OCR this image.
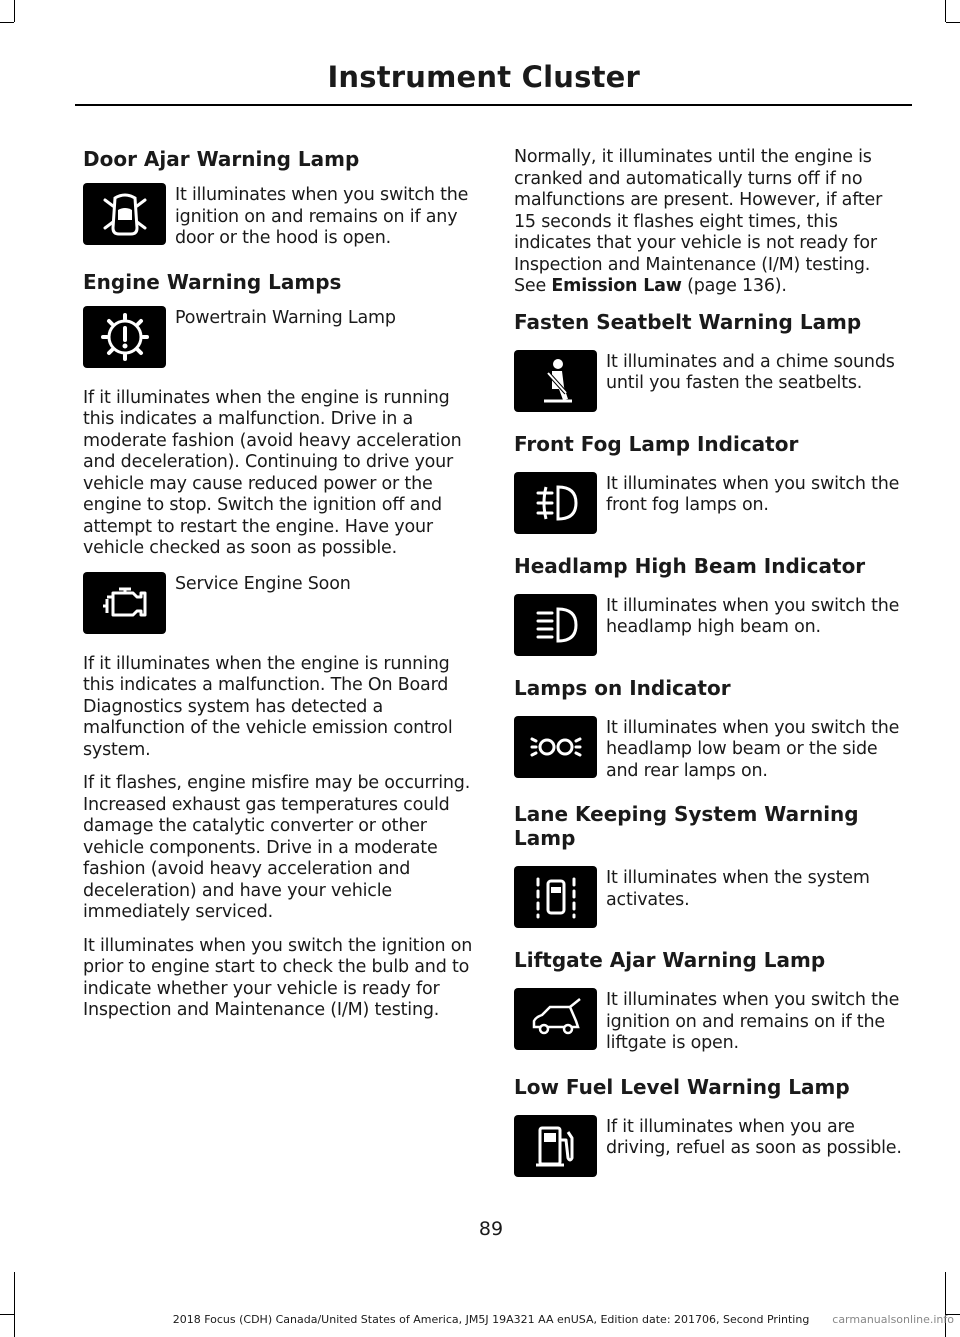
Instrument Cluster
Door Ajar Warning Lamp
It illuminates when you switch the ignition on and remains on if any door or the hood is open.
Engine Warning Lamps
Powertrain Warning Lamp

If it illuminates when the engine is running this indicates a malfunction. Drive in a moderate fashion (avoid heavy acceleration and deceleration). Continuing to drive your vehicle may cause reduced power or the engine to stop. Switch the ignition off and attempt to restart the engine. Have your vehicle checked as soon as possible.

Service Engine Soon

If it illuminates when the engine is running this indicates a malfunction. The On Board Diagnostics system has detected a malfunction of the vehicle emission control system.

If it flashes, engine misfire may be occurring. Increased exhaust gas temperatures could damage the catalytic converter or other vehicle components. Drive in a moderate fashion (avoid heavy acceleration and deceleration) and have your vehicle immediately serviced.

It illuminates when you switch the ignition on prior to engine start to check the bulb and to indicate whether your vehicle is ready for Inspection and Maintenance (I/M) testing.

Normally, it illuminates until the engine is cranked and automatically turns off if no malfunctions are present. However, if after 15 seconds it flashes eight times, this indicates that your vehicle is not ready for Inspection and Maintenance (I/M) testing. See Emission Law (page 136).

Fasten Seatbelt Warning Lamp
It illuminates and a chime sounds until you fasten the seatbelts.
Front Fog Lamp Indicator
It illuminates when you switch the front fog lamps on.
Headlamp High Beam Indicator
It illuminates when you switch the headlamp high beam on.
Lamps on Indicator
It illuminates when you switch the headlamp low beam or the side and rear lamps on.
Lane Keeping System Warning Lamp
It illuminates when the system activates.
Liftgate Ajar Warning Lamp
It illuminates when you switch the ignition on and remains on if the liftgate is open.
Low Fuel Level Warning Lamp
If it illuminates when you are driving, refuel as soon as possible.
89
2018 Focus (CDH) Canada/United States of America, JM5J 19A321 AA enUSA, Edition date: 201706, Second Printing	carmanualsonline.info
